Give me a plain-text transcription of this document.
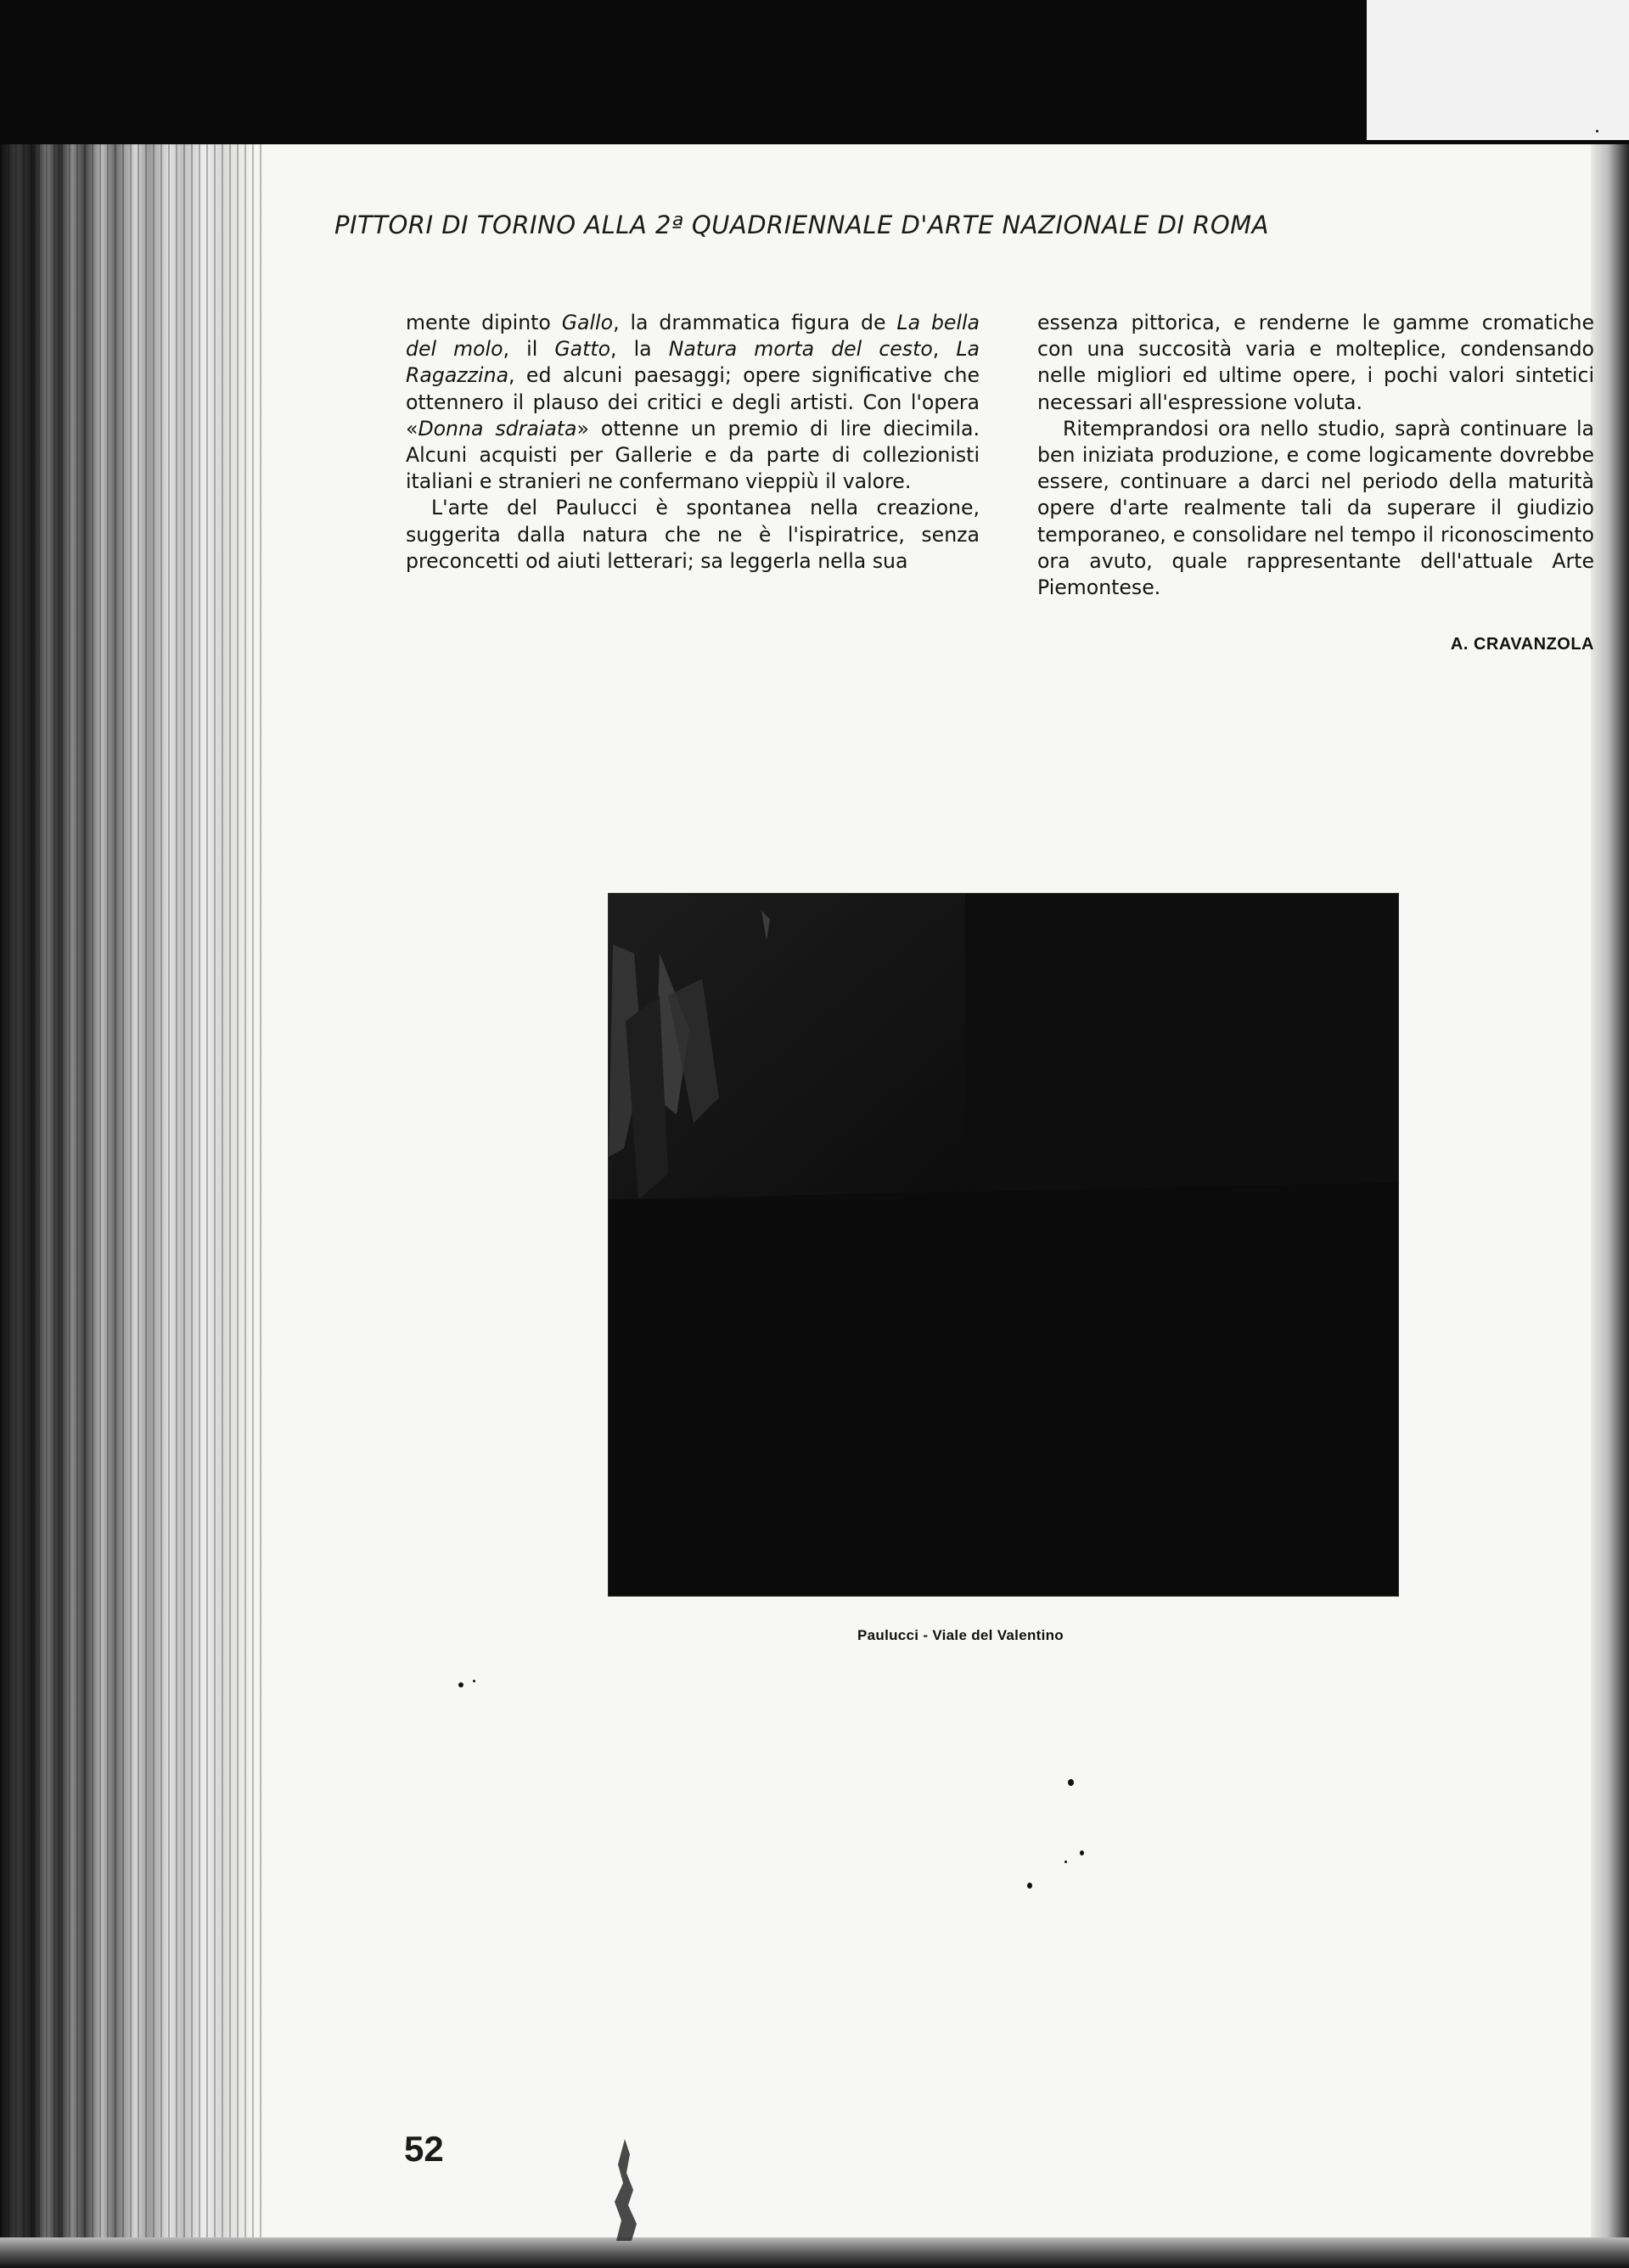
PITTORI DI TORINO ALLA 2ª QUADRIENNALE D'ARTE NAZIONALE DI ROMA

mente dipinto Gallo, la drammatica figura de La bella del molo, il Gatto, la Natura morta del cesto, La Ragazzina, ed alcuni paesaggi; opere significative che ottennero il plauso dei critici e degli artisti. Con l'opera «Donna sdraiata» ottenne un premio di lire diecimila. Alcuni acquisti per Gallerie e da parte di collezionisti italiani e stranieri ne confermano vieppiù il valore.

L'arte del Paulucci è spontanea nella creazione, suggerita dalla natura che ne è l'ispiratrice, senza preconcetti od aiuti letterari; sa leggerla nella sua

essenza pittorica, e renderne le gamme cromatiche con una succosità varia e molteplice, condensando nelle migliori ed ultime opere, i pochi valori sintetici necessari all'espressione voluta.

Ritemprandosi ora nello studio, saprà continuare la ben iniziata produzione, e come logicamente dovrebbe essere, continuare a darci nel periodo della maturità opere d'arte realmente tali da superare il giudizio temporaneo, e consolidare nel tempo il riconoscimento ora avuto, quale rappresentante dell'attuale Arte Piemontese.

A. CRAVANZOLA
Paulucci - Viale del Valentino
52
